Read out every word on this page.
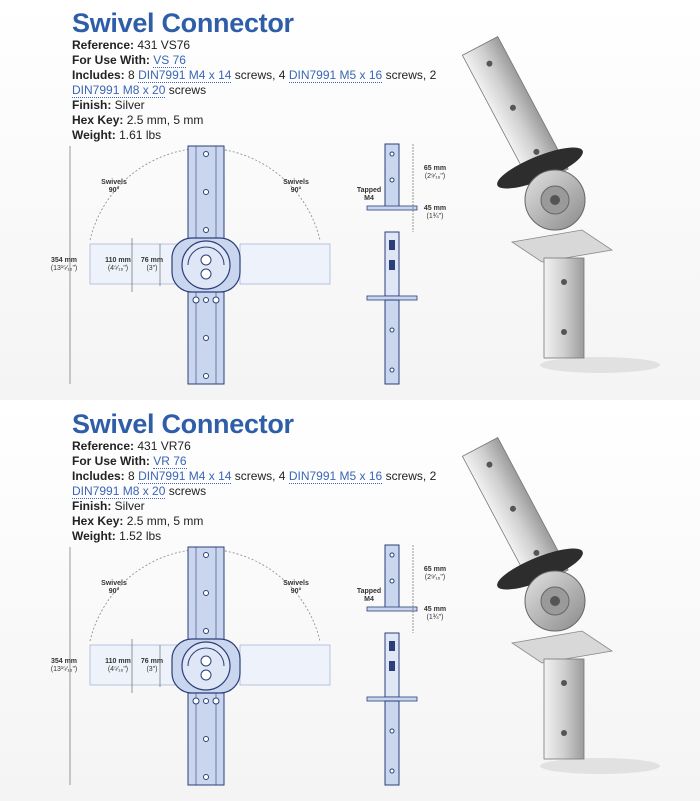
Swivel Connector
Reference: 431 VS76
For Use With: VS 76
Includes: 8 DIN7991 M4 x 14 screws, 4 DIN7991 M5 x 16 screws, 2
DIN7991 M8 x 20 screws
Finish: Silver
Hex Key: 2.5 mm, 5 mm
Weight: 1.61 lbs
Swivels
90°
Swivels
90°
354 mm
(13¹⁵⁄₁₆")
110 mm
(4⁵⁄₁₆")
76 mm
(3")
Tapped
M4
65 mm
(2⁹⁄₁₆")
45 mm
(1¾")
Swivel Connector
Reference: 431 VR76
For Use With: VR 76
Includes: 8 DIN7991 M4 x 14 screws, 4 DIN7991 M5 x 16 screws, 2
DIN7991 M8 x 20 screws
Finish: Silver
Hex Key: 2.5 mm, 5 mm
Weight: 1.52 lbs
Swivels
90°
Swivels
90°
354 mm
(13¹⁵⁄₁₆")
110 mm
(4⁵⁄₁₆")
76 mm
(3")
Tapped
M4
65 mm
(2⁹⁄₁₆")
45 mm
(1¾")
